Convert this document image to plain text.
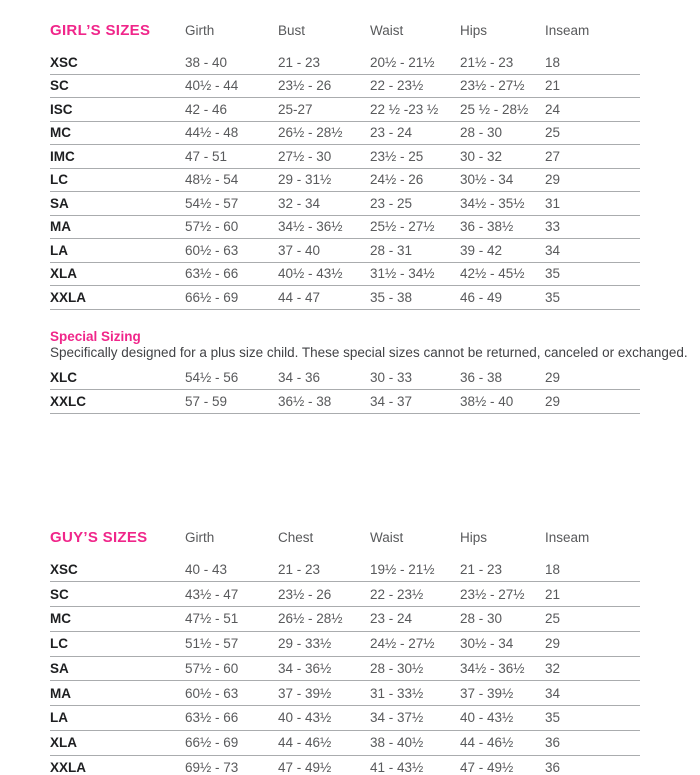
GIRL’S SIZES	Girth	Bust	Waist	Hips	Inseam
XSC	38 - 40	21 - 23	20½ - 21½	21½ - 23	18
SC	40½ - 44	23½ - 26	22 - 23½	23½ - 27½	21
ISC	42 - 46	25-27	22 ½ -23 ½	25 ½ - 28½	24
MC	44½ - 48	26½ - 28½	23 - 24	28 - 30	25
IMC	47 - 51	27½ - 30	23½ - 25	30 - 32	27
LC	48½ - 54	29 - 31½	24½ - 26	30½ - 34	29
SA	54½ - 57	32 - 34	23 - 25	34½ - 35½	31
MA	57½ - 60	34½ - 36½	25½ - 27½	36 - 38½	33
LA	60½ - 63	37 - 40	28 - 31	39 - 42	34
XLA	63½ - 66	40½ - 43½	31½ - 34½	42½ - 45½	35
XXLA	66½ - 69	44 - 47	35 - 38	46 - 49	35
Special Sizing
Specifically designed for a plus size child. These special sizes cannot be returned, canceled or exchanged.
XLC	54½ - 56	34 - 36	30 - 33	36 - 38	29
XXLC	57 - 59	36½ - 38	34 - 37	38½ - 40	29
GUY’S SIZES	Girth	Chest	Waist	Hips	Inseam
XSC	40 - 43	21 - 23	19½ - 21½	21 - 23	18
SC	43½ - 47	23½ - 26	22 - 23½	23½ - 27½	21
MC	47½ - 51	26½ - 28½	23 - 24	28 - 30	25
LC	51½ - 57	29 - 33½	24½ - 27½	30½ - 34	29
SA	57½ - 60	34 - 36½	28 - 30½	34½ - 36½	32
MA	60½ - 63	37 - 39½	31 - 33½	37 - 39½	34
LA	63½ - 66	40 - 43½	34 - 37½	40 - 43½	35
XLA	66½ - 69	44 - 46½	38 - 40½	44 - 46½	36
XXLA	69½ - 73	47 - 49½	41 - 43½	47 - 49½	36
